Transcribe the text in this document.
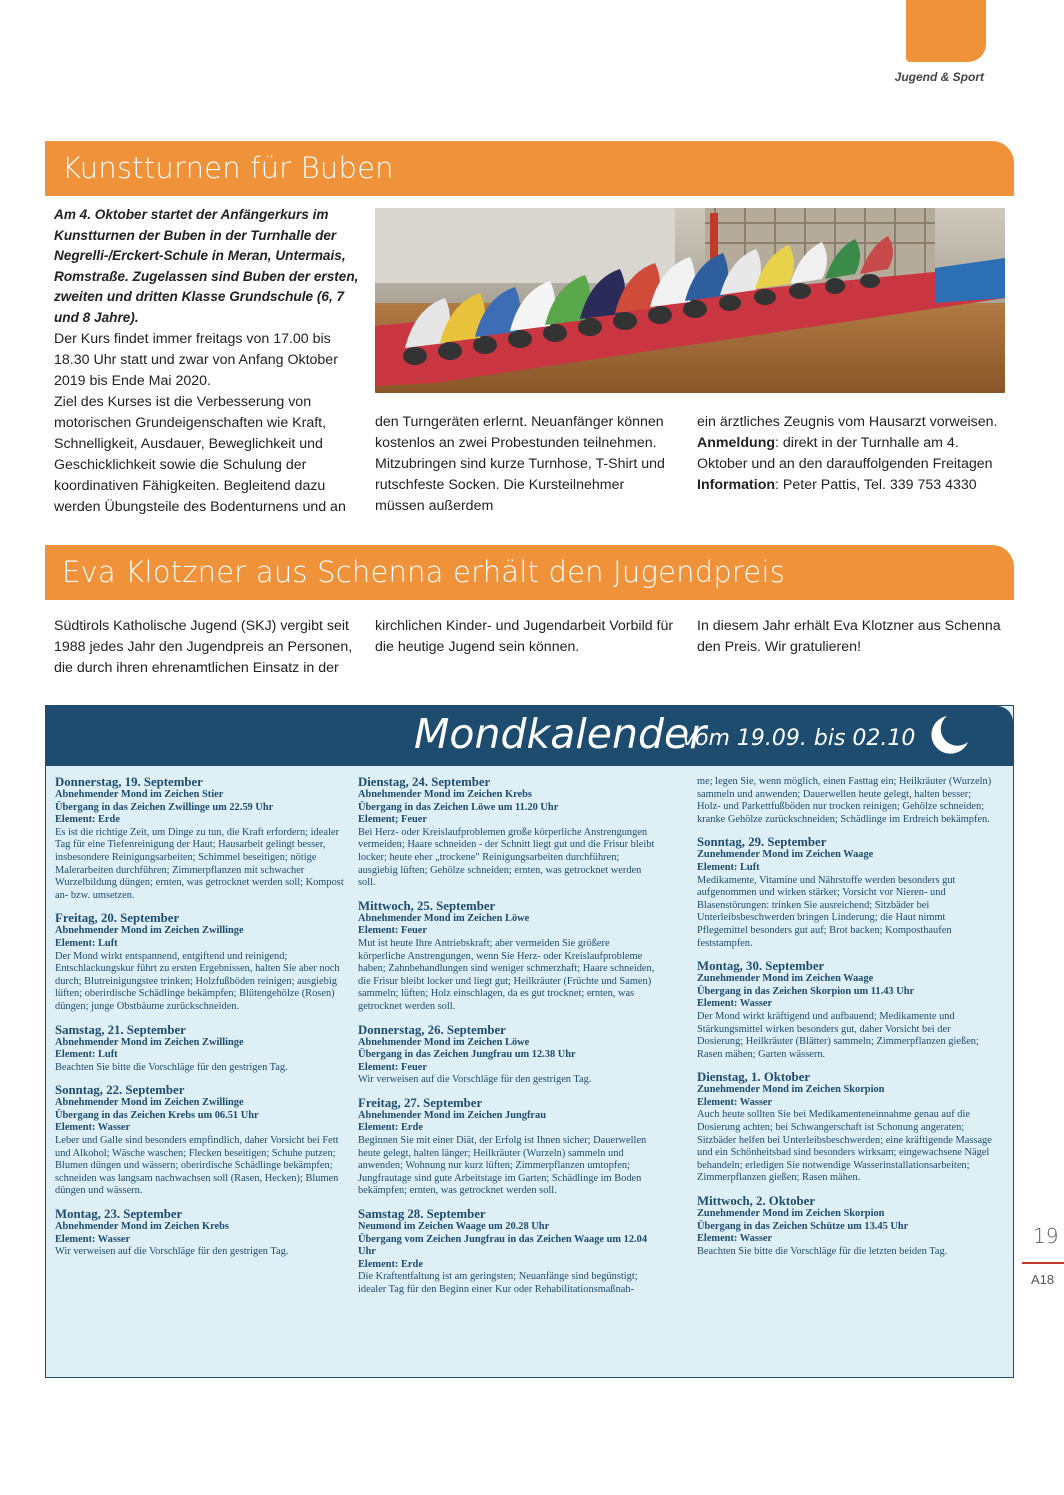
Jugend & Sport
Kunstturnen für Buben

Am 4. Oktober startet der Anfängerkurs im Kunstturnen der Buben in der Turnhalle der Negrelli-/Erckert-Schule in Meran, Untermais, Romstraße. Zugelassen sind Buben der ersten, zweiten und dritten Klasse Grundschule (6, 7 und 8 Jahre).

Der Kurs findet immer freitags von 17.00 bis 18.30 Uhr statt und zwar von Anfang Oktober 2019 bis Ende Mai 2020.

Ziel des Kurses ist die Verbesserung von motorischen Grundeigenschaften wie Kraft, Schnelligkeit, Ausdauer, Beweglichkeit und Geschicklichkeit sowie die Schulung der koordinativen Fähigkeiten. Begleitend dazu werden Übungsteile des Bodenturnens und an

den Turngeräten erlernt. Neuanfänger können kostenlos an zwei Probestunden teilnehmen. Mitzubringen sind kurze Turnhose, T-Shirt und rutschfeste Socken. Die Kursteilnehmer müssen außerdem

ein ärztliches Zeugnis vom Hausarzt vorweisen.

Anmeldung: direkt in der Turnhalle am 4. Oktober und an den darauffolgenden Freitagen

Information: Peter Pattis, Tel. 339 753 4330

Eva Klotzner aus Schenna erhält den Jugendpreis
Südtirols Katholische Jugend (SKJ) vergibt seit 1988 jedes Jahr den Jugendpreis an Personen, die durch ihren ehrenamtlichen Einsatz in der
kirchlichen Kinder- und Jugendarbeit Vorbild für die heutige Jugend sein können.
In diesem Jahr erhält Eva Klotzner aus Schenna den Preis. Wir gratulieren!
Mondkalender
vom 19.09. bis 02.10
Donnerstag, 19. September
Abnehmender Mond im Zeichen Stier
Übergang in das Zeichen Zwillinge um 22.59 Uhr
Element: Erde
Es ist die richtige Zeit, um Dinge zu tun, die Kraft erfordern; idealer Tag für eine Tiefenreinigung der Haut; Hausarbeit gelingt besser, insbesondere Reinigungsarbeiten; Schimmel beseitigen; nötige Malerarbeiten durchführen; Zimmerpflanzen mit schwacher Wurzelbildung düngen; ernten, was getrocknet werden soll; Kompost an- bzw. umsetzen.
Freitag, 20. September
Abnehmender Mond im Zeichen Zwillinge
Element: Luft
Der Mond wirkt entspannend, entgiftend und reinigend; Entschlackungskur führt zu ersten Ergebnissen, halten Sie aber noch durch; Blutreinigungstee trinken; Holzfußböden reinigen; ausgiebig lüften; oberirdische Schädlinge bekämpfen; Blütengehölze (Rosen) düngen; junge Obstbäume zurückschneiden.
Samstag, 21. September
Abnehmender Mond im Zeichen Zwillinge
Element: Luft
Beachten Sie bitte die Vorschläge für den gestrigen Tag.
Sonntag, 22. September
Abnehmender Mond im Zeichen Zwillinge
Übergang in das Zeichen Krebs um 06.51 Uhr
Element: Wasser
Leber und Galle sind besonders empfindlich, daher Vorsicht bei Fett und Alkohol; Wäsche waschen; Flecken beseitigen; Schuhe putzen; Blumen düngen und wässern; oberirdische Schädlinge bekämpfen; schneiden was langsam nachwachsen soll (Rasen, Hecken); Blumen düngen und wässern.
Montag, 23. September
Abnehmender Mond im Zeichen Krebs
Element: Wasser
Wir verweisen auf die Vorschläge für den gestrigen Tag.
Dienstag, 24. September
Abnehmender Mond im Zeichen Krebs
Übergang in das Zeichen Löwe um 11.20 Uhr
Element; Feuer
Bei Herz- oder Kreislaufproblemen große körperliche Anstrengungen vermeiden; Haare schneiden - der Schnitt liegt gut und die Frisur bleibt locker; heute eher „trockene" Reinigungsarbeiten durchführen; ausgiebig lüften; Gehölze schneiden; ernten, was getrocknet werden soll.
Mittwoch, 25. September
Abnehmender Mond im Zeichen Löwe
Element: Feuer
Mut ist heute Ihre Antriebskraft; aber vermeiden Sie größere körperliche Anstrengungen, wenn Sie Herz- oder Kreislaufprobleme haben; Zahnbehandlungen sind weniger schmerzhaft; Haare schneiden, die Frisur bleibt locker und liegt gut; Heilkräuter (Früchte und Samen) sammeln; lüften; Holz einschlagen, da es gut trocknet; ernten, was getrocknet werden soll.
Donnerstag, 26. September
Abnehmender Mond im Zeichen Löwe
Übergang in das Zeichen Jungfrau um 12.38 Uhr
Element: Feuer
Wir verweisen auf die Vorschläge für den gestrigen Tag.
Freitag, 27. September
Abnehmender Mond im Zeichen Jungfrau
Element: Erde
Beginnen Sie mit einer Diät, der Erfolg ist Ihnen sicher; Dauerwellen heute gelegt, halten länger; Heilkräuter (Wurzeln) sammeln und anwenden; Wohnung nur kurz lüften; Zimmerpflanzen umtopfen; Jungfrautage sind gute Arbeitstage im Garten; Schädlinge im Boden bekämpfen; ernten, was getrocknet werden soll.
Samstag 28. September
Neumond im Zeichen Waage um 20.28 Uhr
Übergang vom Zeichen Jungfrau in das Zeichen Waage um 12.04 Uhr
Element: Erde
Die Kraftentfaltung ist am geringsten; Neuanfänge sind begünstigt; idealer Tag für den Beginn einer Kur oder Rehabilitationsmaßnah-
me; legen Sie, wenn möglich, einen Fasttag ein; Heilkräuter (Wurzeln) sammeln und anwenden; Dauerwellen heute gelegt, halten besser; Holz- und Parkettfußböden nur trocken reinigen; Gehölze schneiden; kranke Gehölze zurückschneiden; Schädlinge im Erdreich bekämpfen.
Sonntag, 29. September
Zunehmender Mond im Zeichen Waage
Element: Luft
Medikamente, Vitamine und Nährstoffe werden besonders gut aufgenommen und wirken stärker; Vorsicht vor Nieren- und Blasenstörungen: trinken Sie ausreichend; Sitzbäder bei Unterleibsbeschwerden bringen Linderung; die Haut nimmt Pflegemittel besonders gut auf; Brot backen; Komposthaufen feststampfen.
Montag, 30. September
Zunehmender Mond im Zeichen Waage
Übergang in das Zeichen Skorpion um 11.43 Uhr
Element: Wasser
Der Mond wirkt kräftigend und aufbauend; Medikamente und Stärkungsmittel wirken besonders gut, daher Vorsicht bei der Dosierung; Heilkräuter (Blätter) sammeln; Zimmerpflanzen gießen; Rasen mähen; Garten wässern.
Dienstag, 1. Oktober
Zunehmender Mond im Zeichen Skorpion
Element: Wasser
Auch heute sollten Sie bei Medikamenteneinnahme genau auf die Dosierung achten; bei Schwangerschaft ist Schonung angeraten; Sitzbäder helfen bei Unterleibsbeschwerden; eine kräftigende Massage und ein Schönheitsbad sind besonders wirksam; eingewachsene Nägel behandeln; erledigen Sie notwendige Wasserinstallationsarbeiten; Zimmerpflanzen gießen; Rasen mähen.
Mittwoch, 2. Oktober
Zunehmender Mond im Zeichen Skorpion
Übergang in das Zeichen Schütze um 13.45 Uhr
Element: Wasser
Beachten Sie bitte die Vorschläge für die letzten beiden Tag.
19
A18
